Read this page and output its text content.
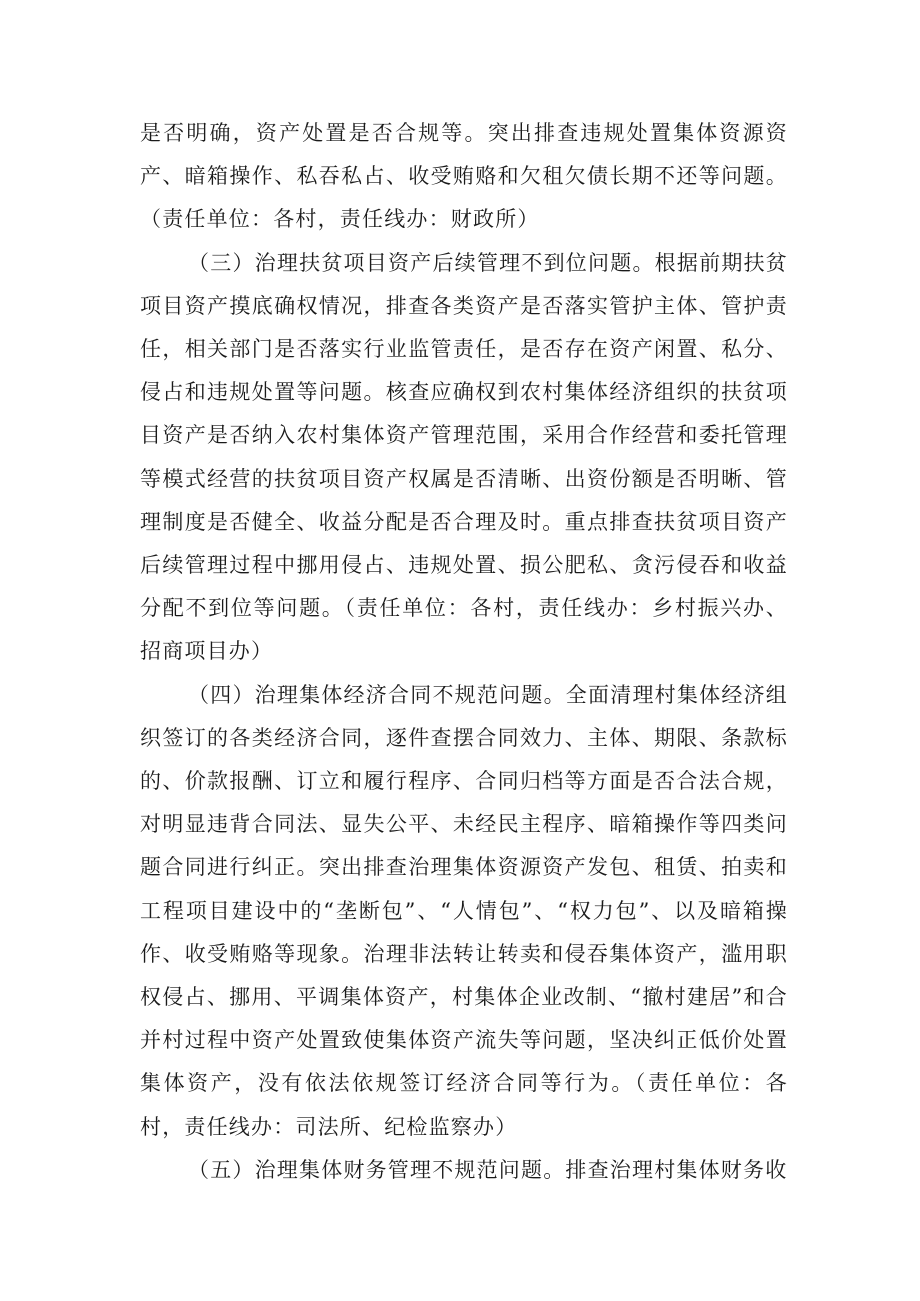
是否明确，资产处置是否合规等。突出排查违规处置集体资源资产、暗箱操作、私吞私占、收受贿赂和欠租欠债长期不还等问题。（责任单位：各村，责任线办：财政所）

（三）治理扶贫项目资产后续管理不到位问题。根据前期扶贫项目资产摸底确权情况，排查各类资产是否落实管护主体、管护责任，相关部门是否落实行业监管责任，是否存在资产闲置、私分、侵占和违规处置等问题。核查应确权到农村集体经济组织的扶贫项目资产是否纳入农村集体资产管理范围，采用合作经营和委托管理等模式经营的扶贫项目资产权属是否清晰、出资份额是否明晰、管理制度是否健全、收益分配是否合理及时。重点排查扶贫项目资产后续管理过程中挪用侵占、违规处置、损公肥私、贪污侵吞和收益分配不到位等问题。（责任单位：各村，责任线办：乡村振兴办、招商项目办）

（四）治理集体经济合同不规范问题。全面清理村集体经济组织签订的各类经济合同，逐件查摆合同效力、主体、期限、条款标的、价款报酬、订立和履行程序、合同归档等方面是否合法合规，对明显违背合同法、显失公平、未经民主程序、暗箱操作等四类问题合同进行纠正。突出排查治理集体资源资产发包、租赁、拍卖和工程项目建设中的“垄断包”、“人情包”、“权力包”、以及暗箱操作、收受贿赂等现象。治理非法转让转卖和侵吞集体资产，滥用职权侵占、挪用、平调集体资产，村集体企业改制、“撤村建居”和合并村过程中资产处置致使集体资产流失等问题，坚决纠正低价处置集体资产，没有依法依规签订经济合同等行为。（责任单位：各村，责任线办：司法所、纪检监察办）

（五）治理集体财务管理不规范问题。排查治理村集体财务收
